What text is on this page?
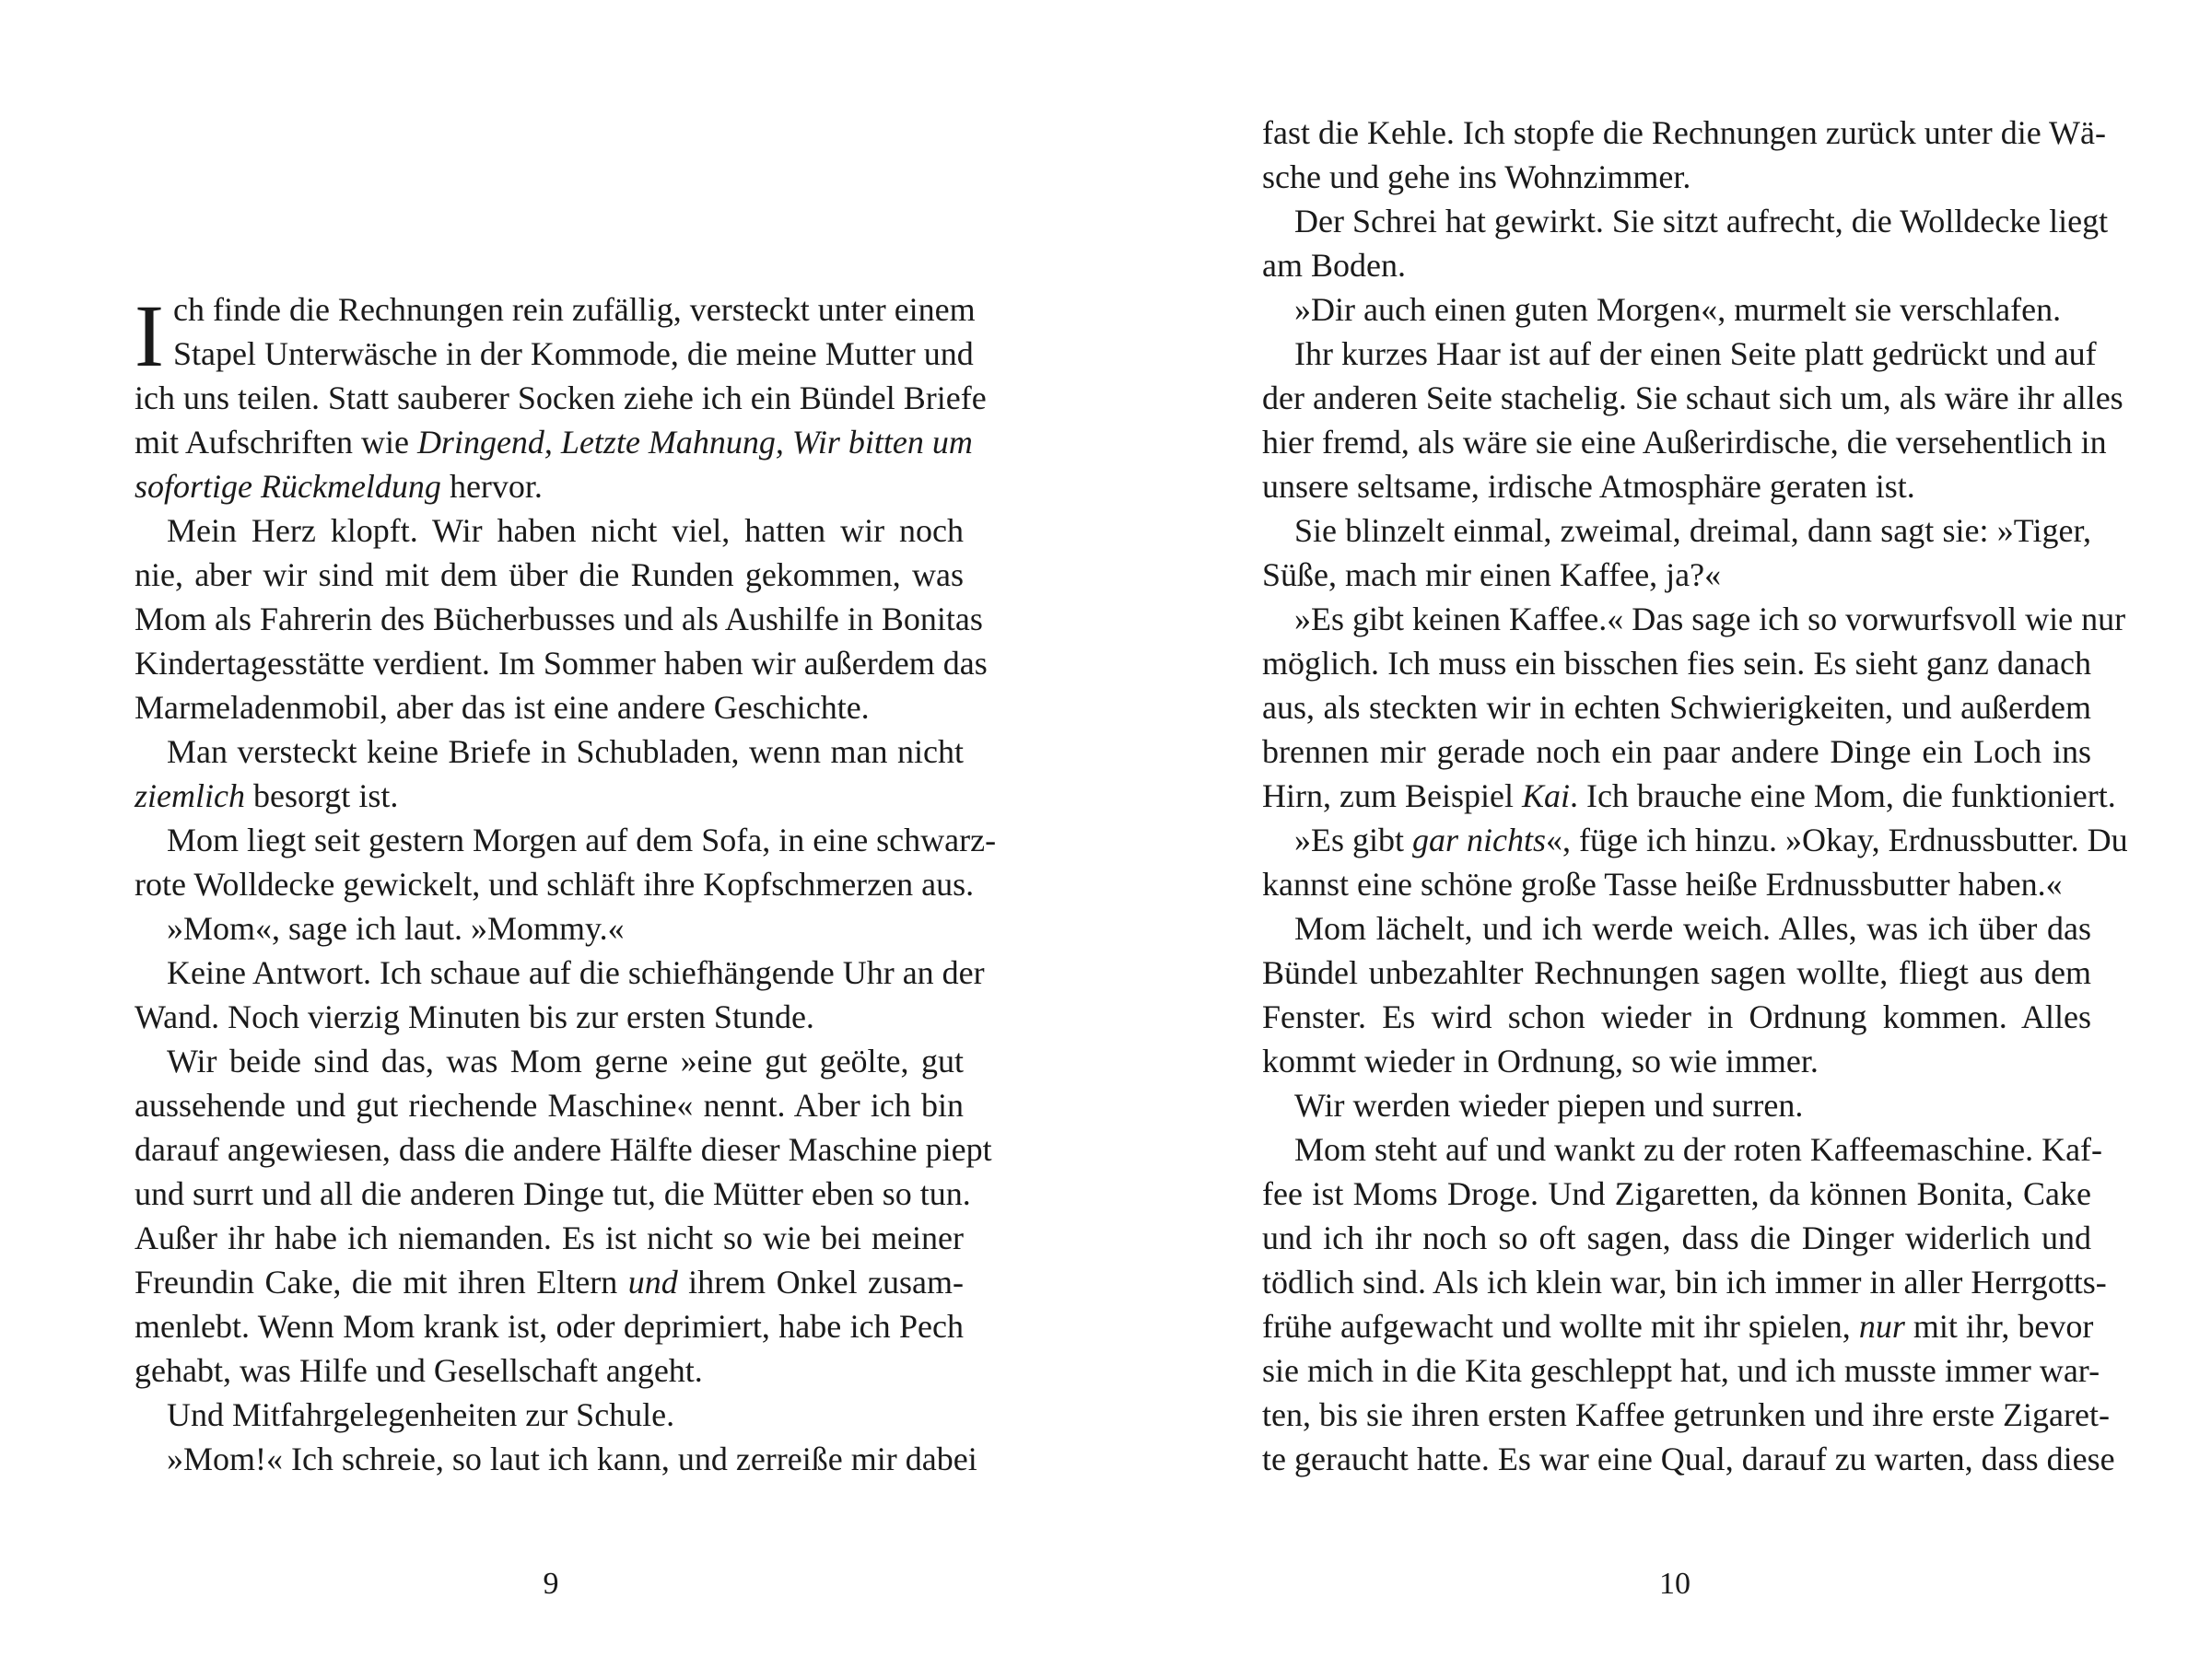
I ch finde die Rechnungen rein zufällig, versteckt unter einem
Stapel Unterwäsche in der Kommode, die meine Mutter und
ich uns teilen. Statt sauberer Socken ziehe ich ein Bündel Briefe
mit Aufschriften wie Dringend, Letzte Mahnung, Wir bitten um
sofortige Rückmeldung hervor.
Mein Herz klopft. Wir haben nicht viel, hatten wir noch
nie, aber wir sind mit dem über die Runden gekommen, was
Mom als Fahrerin des Bücherbusses und als Aushilfe in Bonitas
Kindertagesstätte verdient. Im Sommer haben wir außerdem das
Marmeladenmobil, aber das ist eine andere Geschichte.
Man versteckt keine Briefe in Schubladen, wenn man nicht
ziemlich besorgt ist.
Mom liegt seit gestern Morgen auf dem Sofa, in eine schwarz-
rote Wolldecke gewickelt, und schläft ihre Kopfschmerzen aus.
»Mom«, sage ich laut. »Mommy.«
Keine Antwort. Ich schaue auf die schiefhängende Uhr an der
Wand. Noch vierzig Minuten bis zur ersten Stunde.
Wir beide sind das, was Mom gerne »eine gut geölte, gut
aussehende und gut riechende Maschine« nennt. Aber ich bin
darauf angewiesen, dass die andere Hälfte dieser Maschine piept
und surrt und all die anderen Dinge tut, die Mütter eben so tun.
Außer ihr habe ich niemanden. Es ist nicht so wie bei meiner
Freundin Cake, die mit ihren Eltern und ihrem Onkel zusam-
menlebt. Wenn Mom krank ist, oder deprimiert, habe ich Pech
gehabt, was Hilfe und Gesellschaft angeht.
Und Mitfahrgelegenheiten zur Schule.
»Mom!« Ich schreie, so laut ich kann, und zerreiße mir dabei
9
fast die Kehle. Ich stopfe die Rechnungen zurück unter die Wä-
sche und gehe ins Wohnzimmer.
Der Schrei hat gewirkt. Sie sitzt aufrecht, die Wolldecke liegt
am Boden.
»Dir auch einen guten Morgen«, murmelt sie verschlafen.
Ihr kurzes Haar ist auf der einen Seite platt gedrückt und auf
der anderen Seite stachelig. Sie schaut sich um, als wäre ihr alles
hier fremd, als wäre sie eine Außerirdische, die versehentlich in
unsere seltsame, irdische Atmosphäre geraten ist.
Sie blinzelt einmal, zweimal, dreimal, dann sagt sie: »Tiger,
Süße, mach mir einen Kaffee, ja?«
»Es gibt keinen Kaffee.« Das sage ich so vorwurfsvoll wie nur
möglich. Ich muss ein bisschen fies sein. Es sieht ganz danach
aus, als steckten wir in echten Schwierigkeiten, und außerdem
brennen mir gerade noch ein paar andere Dinge ein Loch ins
Hirn, zum Beispiel Kai. Ich brauche eine Mom, die funktioniert.
»Es gibt gar nichts«, füge ich hinzu. »Okay, Erdnussbutter. Du
kannst eine schöne große Tasse heiße Erdnussbutter haben.«
Mom lächelt, und ich werde weich. Alles, was ich über das
Bündel unbezahlter Rechnungen sagen wollte, fliegt aus dem
Fenster. Es wird schon wieder in Ordnung kommen. Alles
kommt wieder in Ordnung, so wie immer.
Wir werden wieder piepen und surren.
Mom steht auf und wankt zu der roten Kaffeemaschine. Kaf-
fee ist Moms Droge. Und Zigaretten, da können Bonita, Cake
und ich ihr noch so oft sagen, dass die Dinger widerlich und
tödlich sind. Als ich klein war, bin ich immer in aller Herrgotts-
frühe aufgewacht und wollte mit ihr spielen, nur mit ihr, bevor
sie mich in die Kita geschleppt hat, und ich musste immer war-
ten, bis sie ihren ersten Kaffee getrunken und ihre erste Zigaret-
te geraucht hatte. Es war eine Qual, darauf zu warten, dass diese
10
